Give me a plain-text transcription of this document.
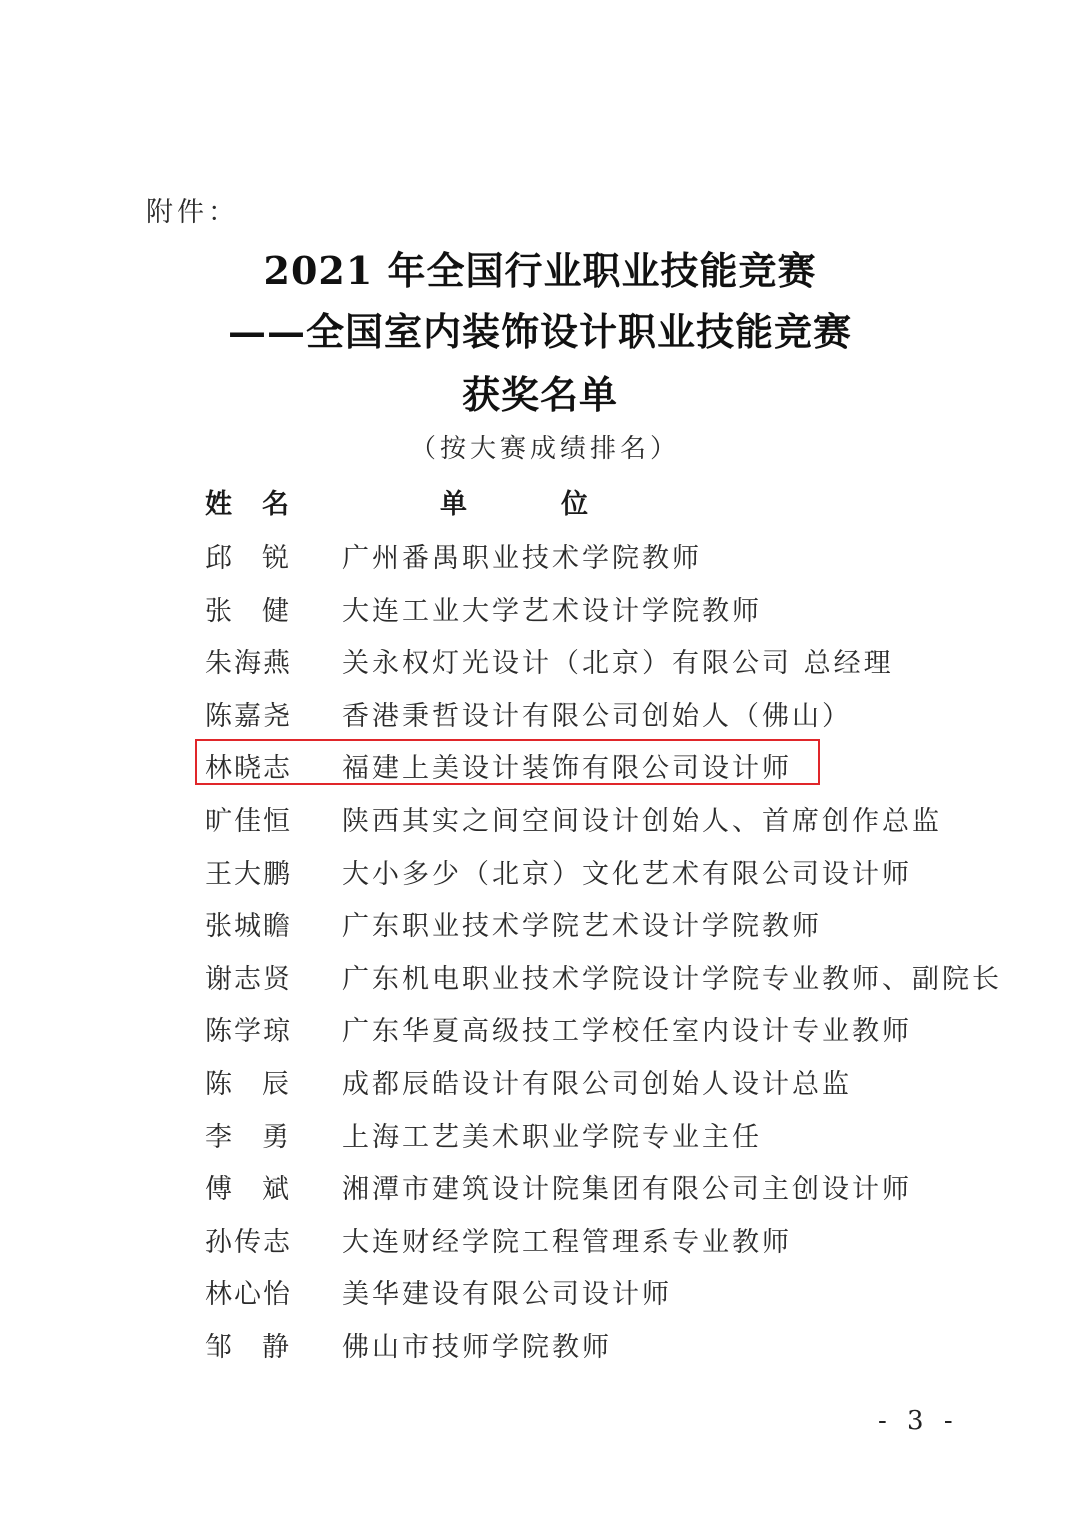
附件：
2021 年全国行业职业技能竞赛
——全国室内装饰设计职业技能竞赛
获奖名单
（按大赛成绩排名）
姓名	单位
邱锐 广州番禺职业技术学院教师
张健 大连工业大学艺术设计学院教师
朱海燕	关永权灯光设计（北京）有限公司 总经理
陈嘉尧	香港秉哲设计有限公司创始人（佛山）
林晓志	福建上美设计装饰有限公司设计师
旷佳恒	陕西其实之间空间设计创始人、首席创作总监
王大鹏	大小多少（北京）文化艺术有限公司设计师
张城瞻	广东职业技术学院艺术设计学院教师
谢志贤	广东机电职业技术学院设计学院专业教师、副院长
陈学琼	广东华夏高级技工学校任室内设计专业教师
陈辰 成都辰皓设计有限公司创始人设计总监
李勇 上海工艺美术职业学院专业主任
傅斌 湘潭市建筑设计院集团有限公司主创设计师
孙传志	大连财经学院工程管理系专业教师
林心怡	美华建设有限公司设计师
邹静 佛山市技师学院教师
- 3 -
